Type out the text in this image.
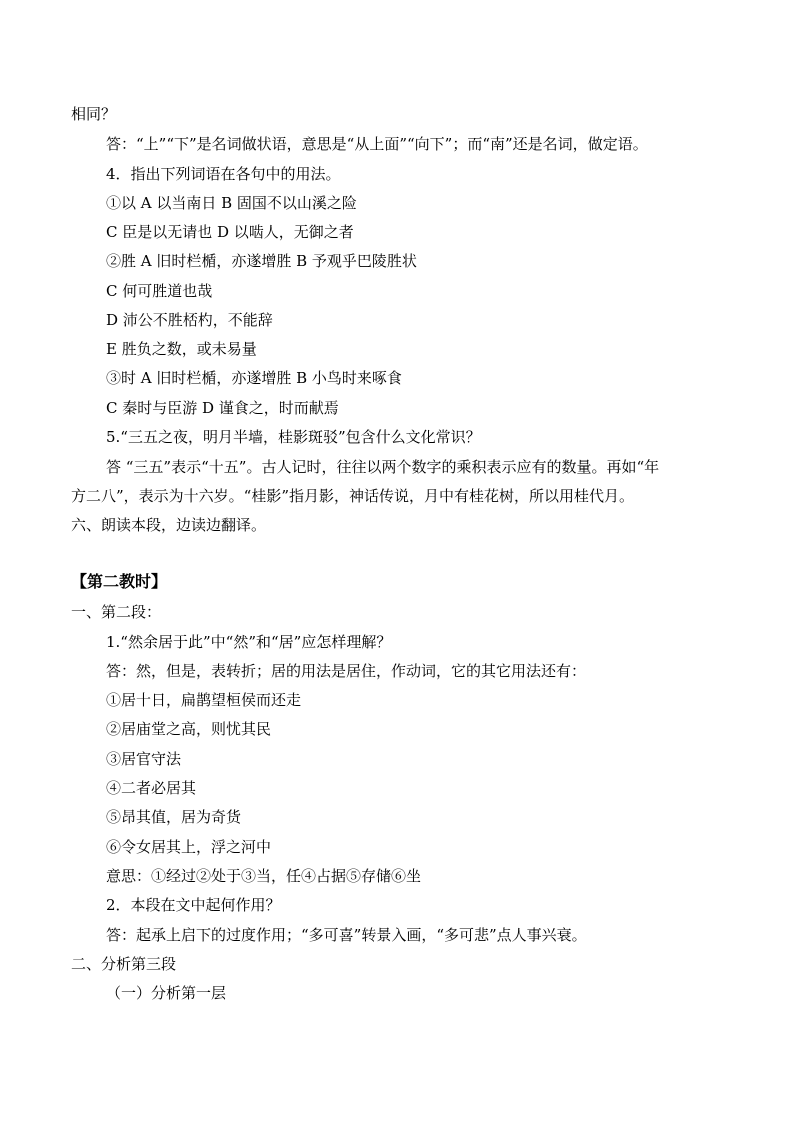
相同？
答：“上”“下”是名词做状语，意思是“从上面”“向下”；而“南”还是名词，做定语。
4．指出下列词语在各句中的用法。
①以 A 以当南日 B 固国不以山溪之险
C 臣是以无请也 D 以啮人，无御之者
②胜 A 旧时栏楯，亦遂增胜 B 予观乎巴陵胜状
C 何可胜道也哉
D 沛公不胜桮杓，不能辞
E 胜负之数，或未易量
③时 A 旧时栏楯，亦遂增胜 B 小鸟时来啄食
C 秦时与臣游 D 谨食之，时而献焉
5.“三五之夜，明月半墙，桂影斑驳”包含什么文化常识？
答 “三五”表示“十五”。古人记时，往往以两个数字的乘积表示应有的数量。再如“年
方二八”，表示为十六岁。“桂影”指月影，神话传说，月中有桂花树，所以用桂代月。
六、朗读本段，边读边翻译。
【第二教时】
一、第二段：
1.“然余居于此”中“然”和“居”应怎样理解？
答：然，但是，表转折；居的用法是居住，作动词，它的其它用法还有：
①居十日，扁鹊望桓侯而还走
②居庙堂之高，则忧其民
③居官守法
④二者必居其
⑤昂其值，居为奇货
⑥令女居其上，浮之河中
意思：①经过②处于③当，任④占据⑤存储⑥坐
2．本段在文中起何作用？
答：起承上启下的过度作用；“多可喜”转景入画，“多可悲”点人事兴衰。
二、分析第三段
（一）分析第一层
